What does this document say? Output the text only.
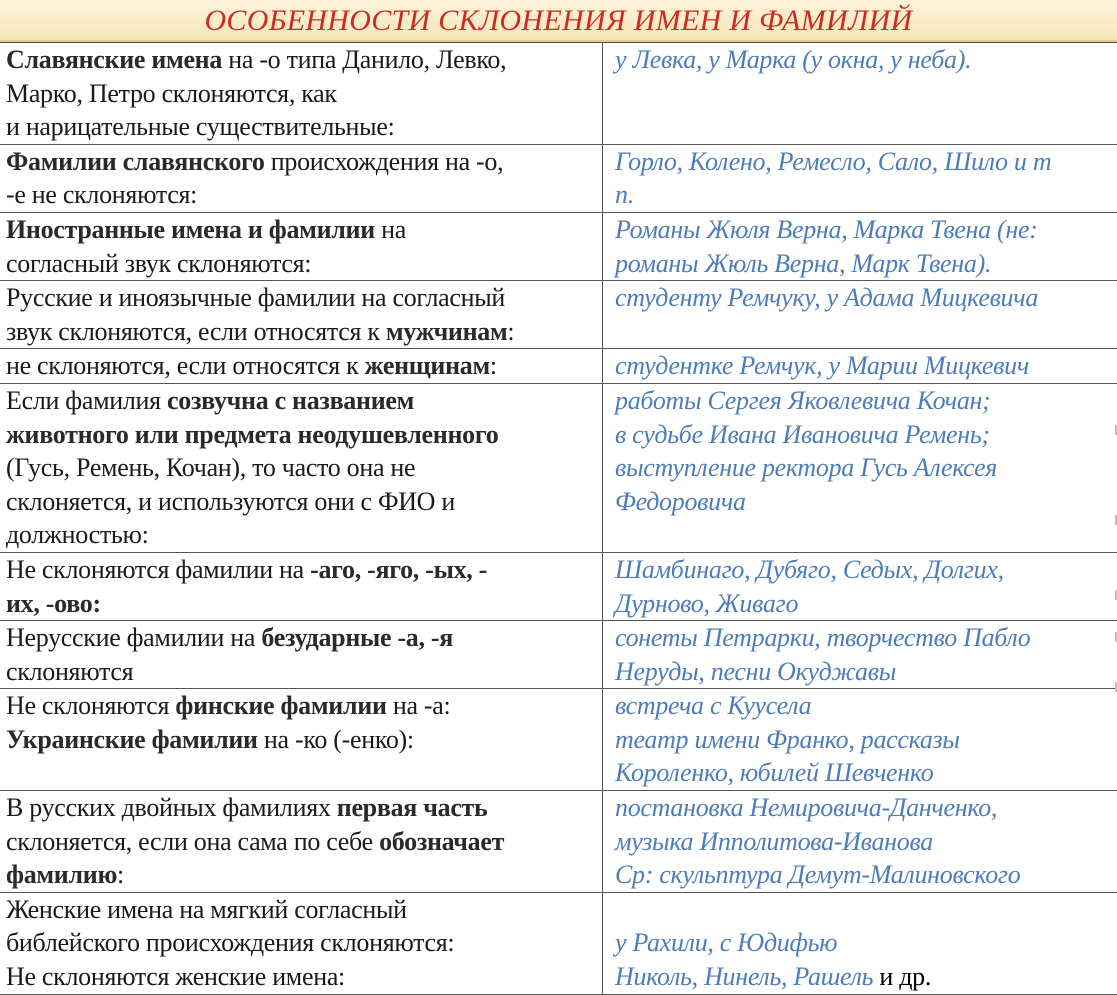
ОСОБЕННОСТИ СКЛОНЕНИЯ ИМЕН И ФАМИЛИЙ
Славянские имена на -о типа Данило, Левко,
Марко, Петро склоняются, как
и нарицательные существительные:	у Левка, у Марка (у окна, у неба).

Фамилии славянского происхождения на -о,
-е не склоняются:	Горло, Колено, Ремесло, Сало, Шило и т
п.

Иностранные имена и фамилии на
согласный звук склоняются:	Романы Жюля Верна, Марка Твена (не:
романы Жюль Верна, Марк Твена).

Русские и иноязычные фамилии на согласный
звук склоняются, если относятся к мужчинам:	студенту Ремчуку, у Адама Мицкевича

не склоняются, если относятся к женщинам:	студентке Ремчук, у Марии Мицкевич

Если фамилия созвучна с названием
животного или предмета неодушевленного
(Гусь, Ремень, Кочан), то часто она не
склоняется, и используются они с ФИО и
должностью:	работы Сергея Яковлевича Кочан;
в судьбе Ивана Ивановича Ремень;
выступление ректора Гусь Алексея
Федоровича

Не склоняются фамилии на -аго, -яго, -ых, -
их, -ово:	Шамбинаго, Дубяго, Седых, Долгих,
Дурново, Живаго

Нерусские фамилии на безударные -а, -я
склоняются	сонеты Петрарки, творчество Пабло
Неруды, песни Окуджавы

Не склоняются финские фамилии на -а:
Украинские фамилии на -ко (-енко):	встреча с Куусела
театр имени Франко, рассказы
Короленко, юбилей Шевченко

В русских двойных фамилиях первая часть
склоняется, если она сама по себе обозначает
фамилию:	постановка Немировича-Данченко,
музыка Ипполитова-Иванова
Ср: скульптура Демут-Малиновского

Женские имена на мягкий согласный
библейского происхождения склоняются:
Не склоняются женские имена:	у Рахили, с Юдифью
Николь, Нинель, Рашель и др.
